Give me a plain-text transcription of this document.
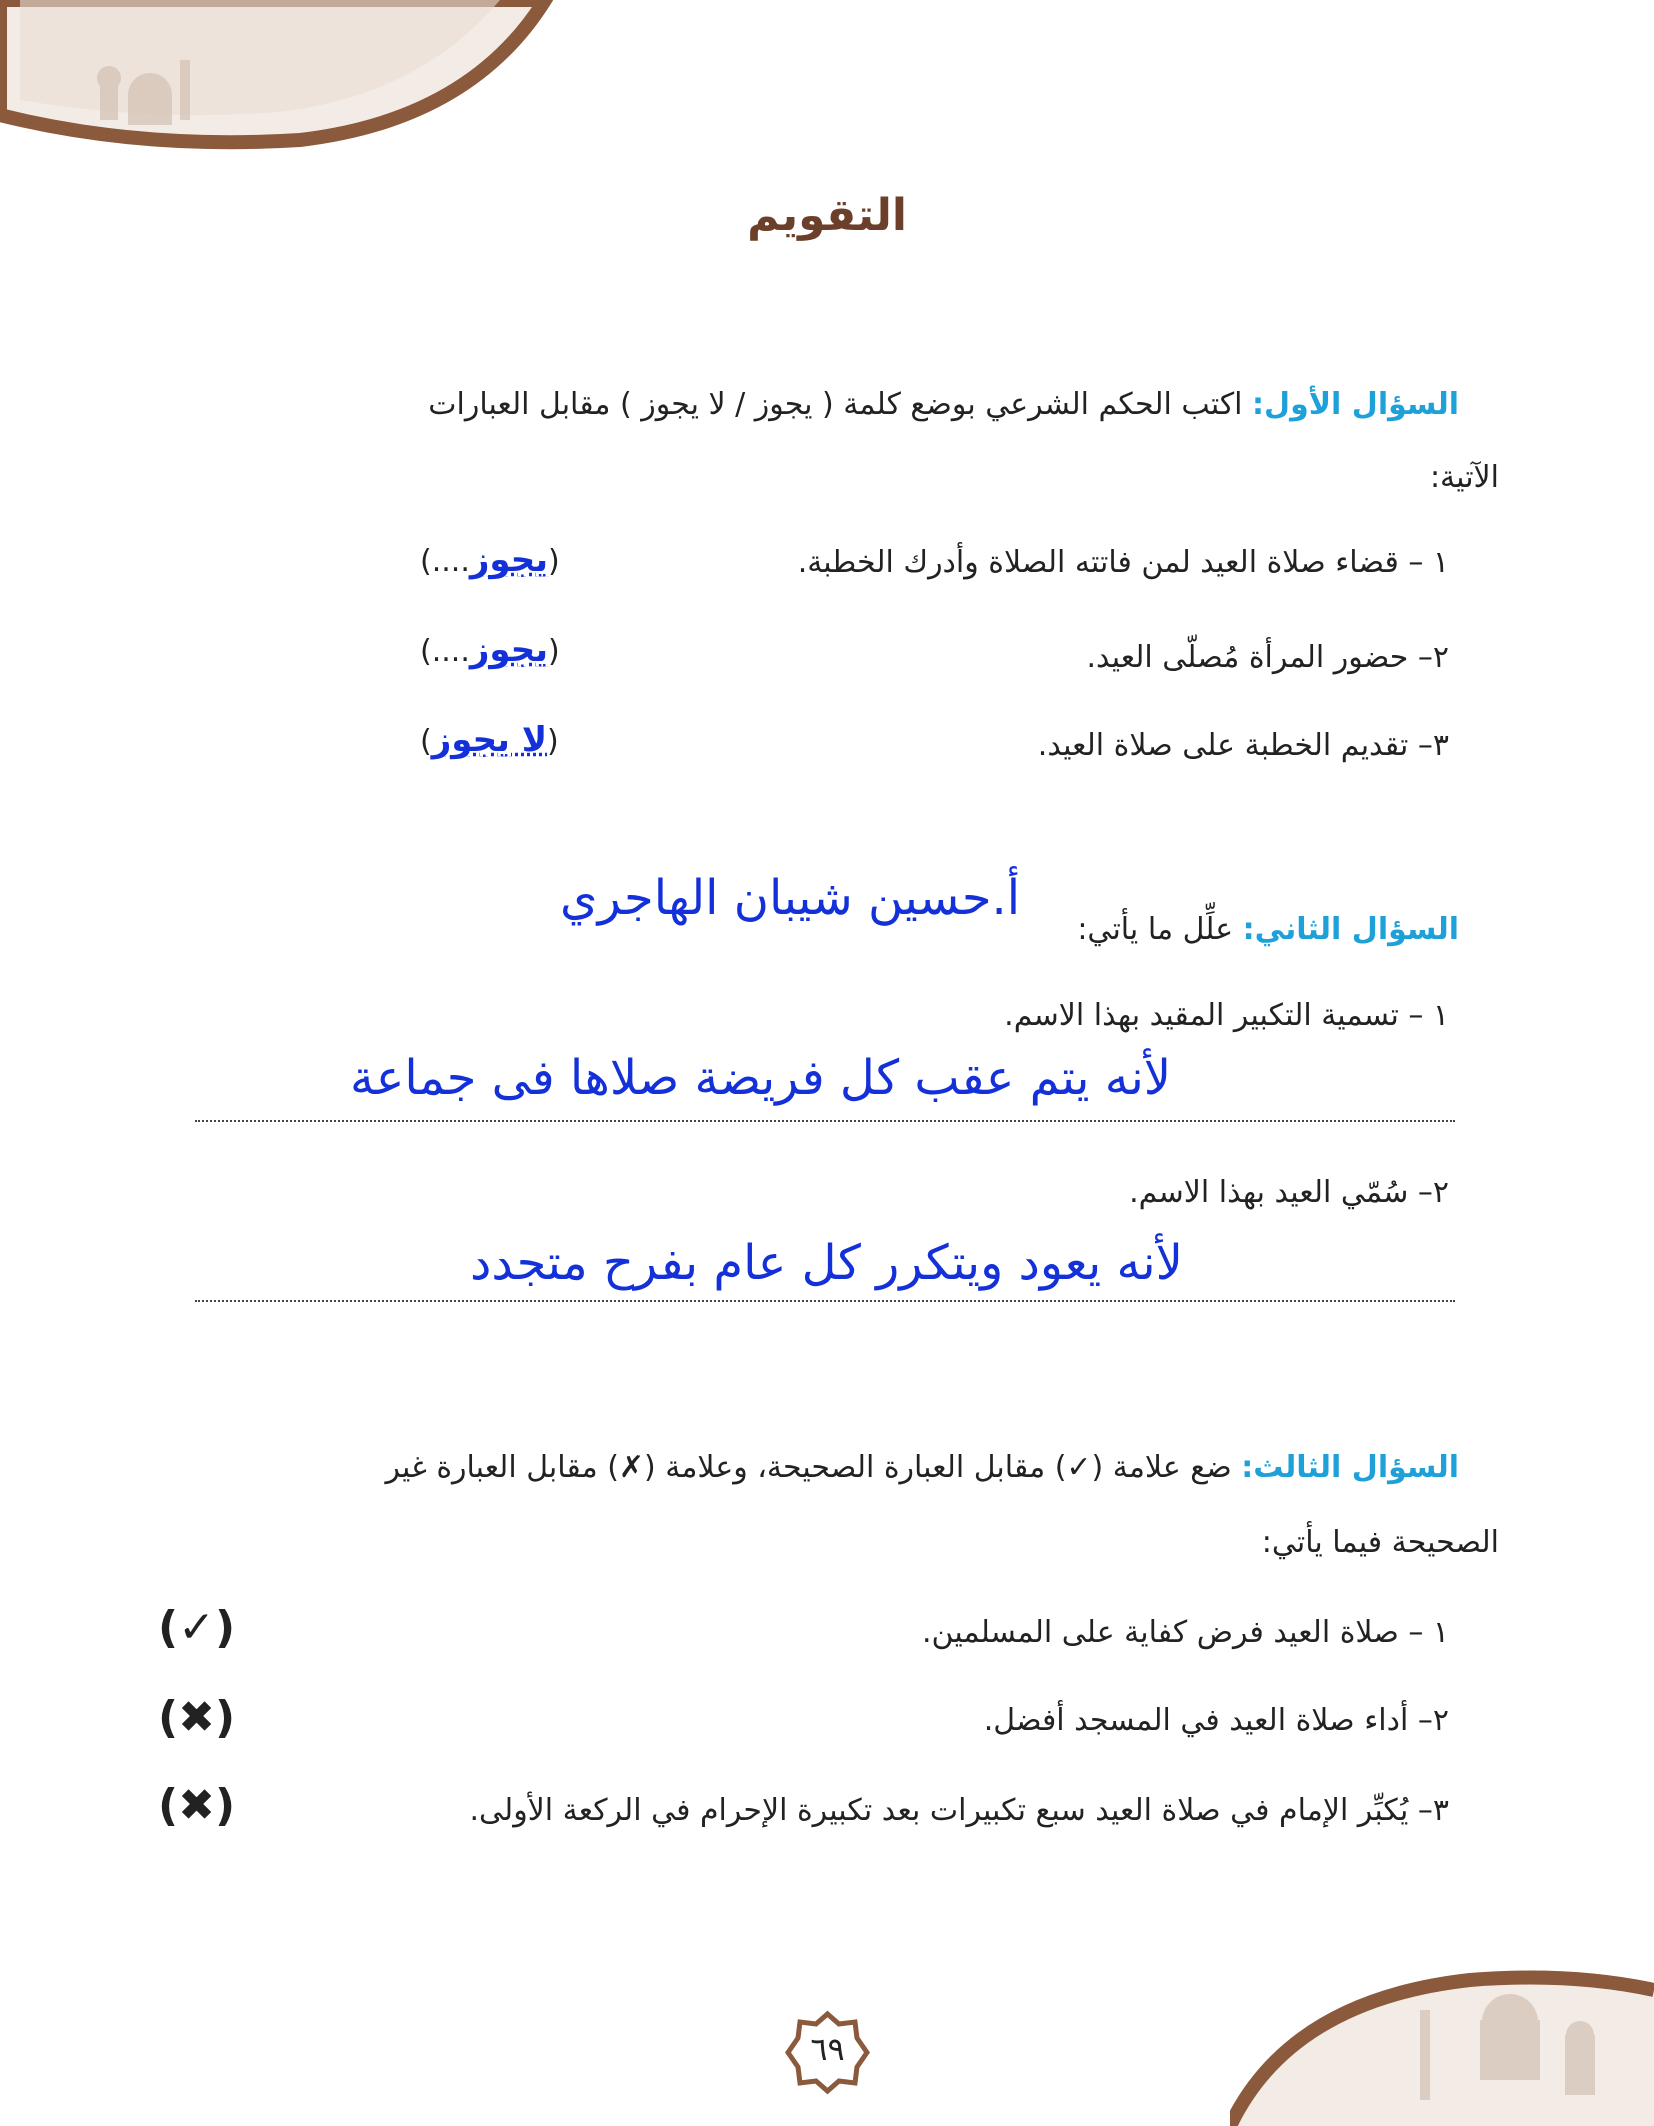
التقويم
السؤال الأول: اكتب الحكم الشرعي بوضع كلمة ( يجوز / لا يجوز ) مقابل العبارات
الآتية:
١ – قضاء صلاة العيد لمن فاتته الصلاة وأدرك الخطبة.
(يجوز....)
٢– حضور المرأة مُصلّى العيد.
(يجوز....)
٣– تقديم الخطبة على صلاة العيد.
(لا يجوز)
السؤال الثاني: علِّل ما يأتي:
أ.حسين شيبان الهاجري
١ – تسمية التكبير المقيد بهذا الاسم.
لأنه يتم عقب كل فريضة صلاها فى جماعة
٢– سُمّي العيد بهذا الاسم.
لأنه يعود ويتكرر كل عام بفرح متجدد
السؤال الثالث: ضع علامة (✓) مقابل العبارة الصحيحة، وعلامة (✗) مقابل العبارة غير
الصحيحة فيما يأتي:
١ – صلاة العيد فرض كفاية على المسلمين.
(✓)
٢– أداء صلاة العيد في المسجد أفضل.
(✖)
٣– يُكبِّر الإمام في صلاة العيد سبع تكبيرات بعد تكبيرة الإحرام في الركعة الأولى.
(✖)
٦٩
